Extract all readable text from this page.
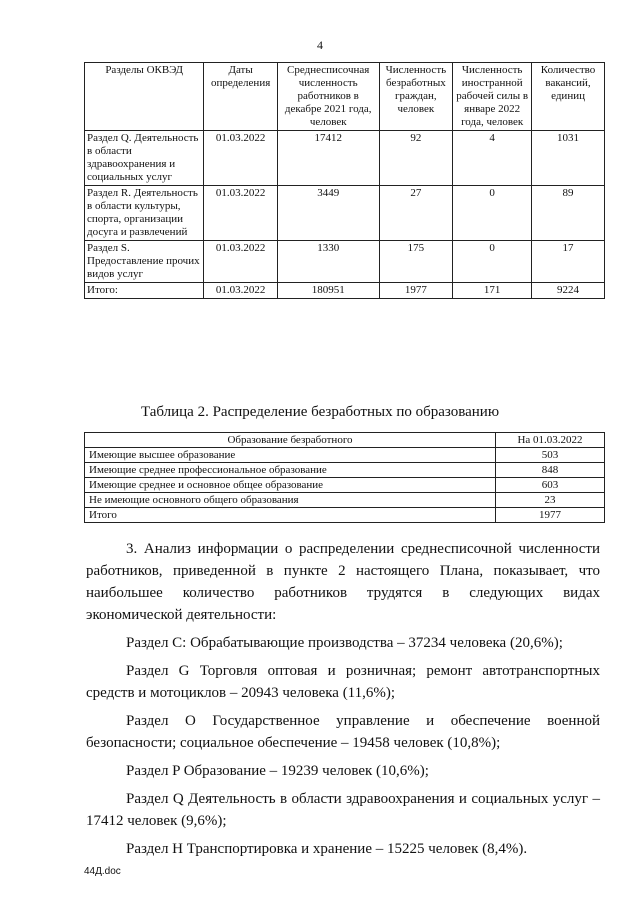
4
Разделы ОКВЭД	Даты определения	Среднесписочная численность работников в декабре 2021 года, человек	Численность безработных граждан, человек	Численность иностранной рабочей силы в январе 2022 года, человек	Количество вакансий, единиц
Раздел Q. Деятельность в области здравоохранения и социальных услуг	01.03.2022	17412	92	4	1031
Раздел R. Деятельность в области культуры, спорта, организации досуга и развлечений	01.03.2022	3449	27	0	89
Раздел S. Предоставление прочих видов услуг	01.03.2022	1330	175	0	17
Итого:	01.03.2022	180951	1977	171	9224
Таблица 2. Распределение безработных по образованию
Образование безработного	На 01.03.2022
Имеющие высшее образование	503
Имеющие среднее профессиональное образование	848
Имеющие среднее и основное общее образование	603
Не имеющие основного общего образования	23
Итого	1977

3. Анализ информации о распределении среднесписочной численности работников, приведенной в пункте 2 настоящего Плана, показывает, что наибольшее количество работников трудятся в следующих видах экономической деятельности:

Раздел С: Обрабатывающие производства – 37234 человека (20,6%);

Раздел G Торговля оптовая и розничная; ремонт автотранспортных средств и мотоциклов – 20943 человека (11,6%);

Раздел O Государственное управление и обеспечение военной безопасности; социальное обеспечение – 19458 человек (10,8%);

Раздел P Образование – 19239 человек (10,6%);

Раздел Q Деятельность в области здравоохранения и социальных услуг – 17412 человек (9,6%);

Раздел H Транспортировка и хранение – 15225 человек (8,4%).

44Д.doc
